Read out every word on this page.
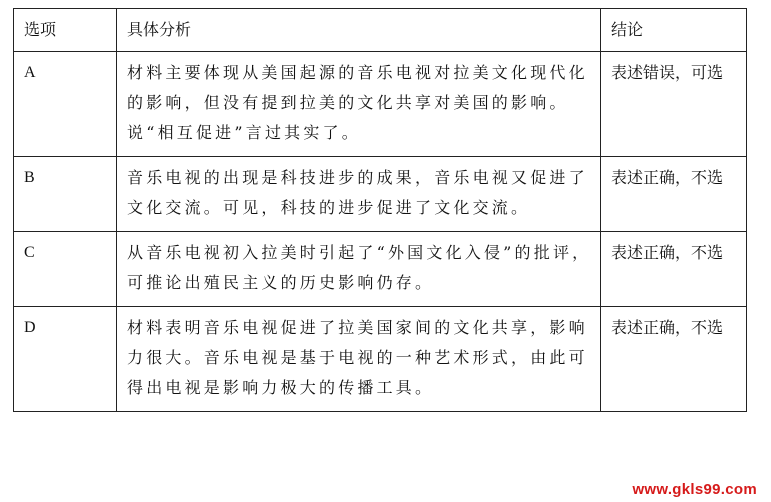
选项	具体分析	结论
A	材料主要体现从美国起源的音乐电视对拉美文化现代化的影响，但没有提到拉美的文化共享对美国的影响。说“相互促进”言过其实了。	表述错误，可选
B	音乐电视的出现是科技进步的成果，音乐电视又促进了文化交流。可见，科技的进步促进了文化交流。	表述正确，不选
C	从音乐电视初入拉美时引起了“外国文化入侵”的批评，可推论出殖民主义的历史影响仍存。	表述正确，不选
D	材料表明音乐电视促进了拉美国家间的文化共享，影响力很大。音乐电视是基于电视的一种艺术形式，由此可得出电视是影响力极大的传播工具。	表述正确，不选
www.gkls99.com
